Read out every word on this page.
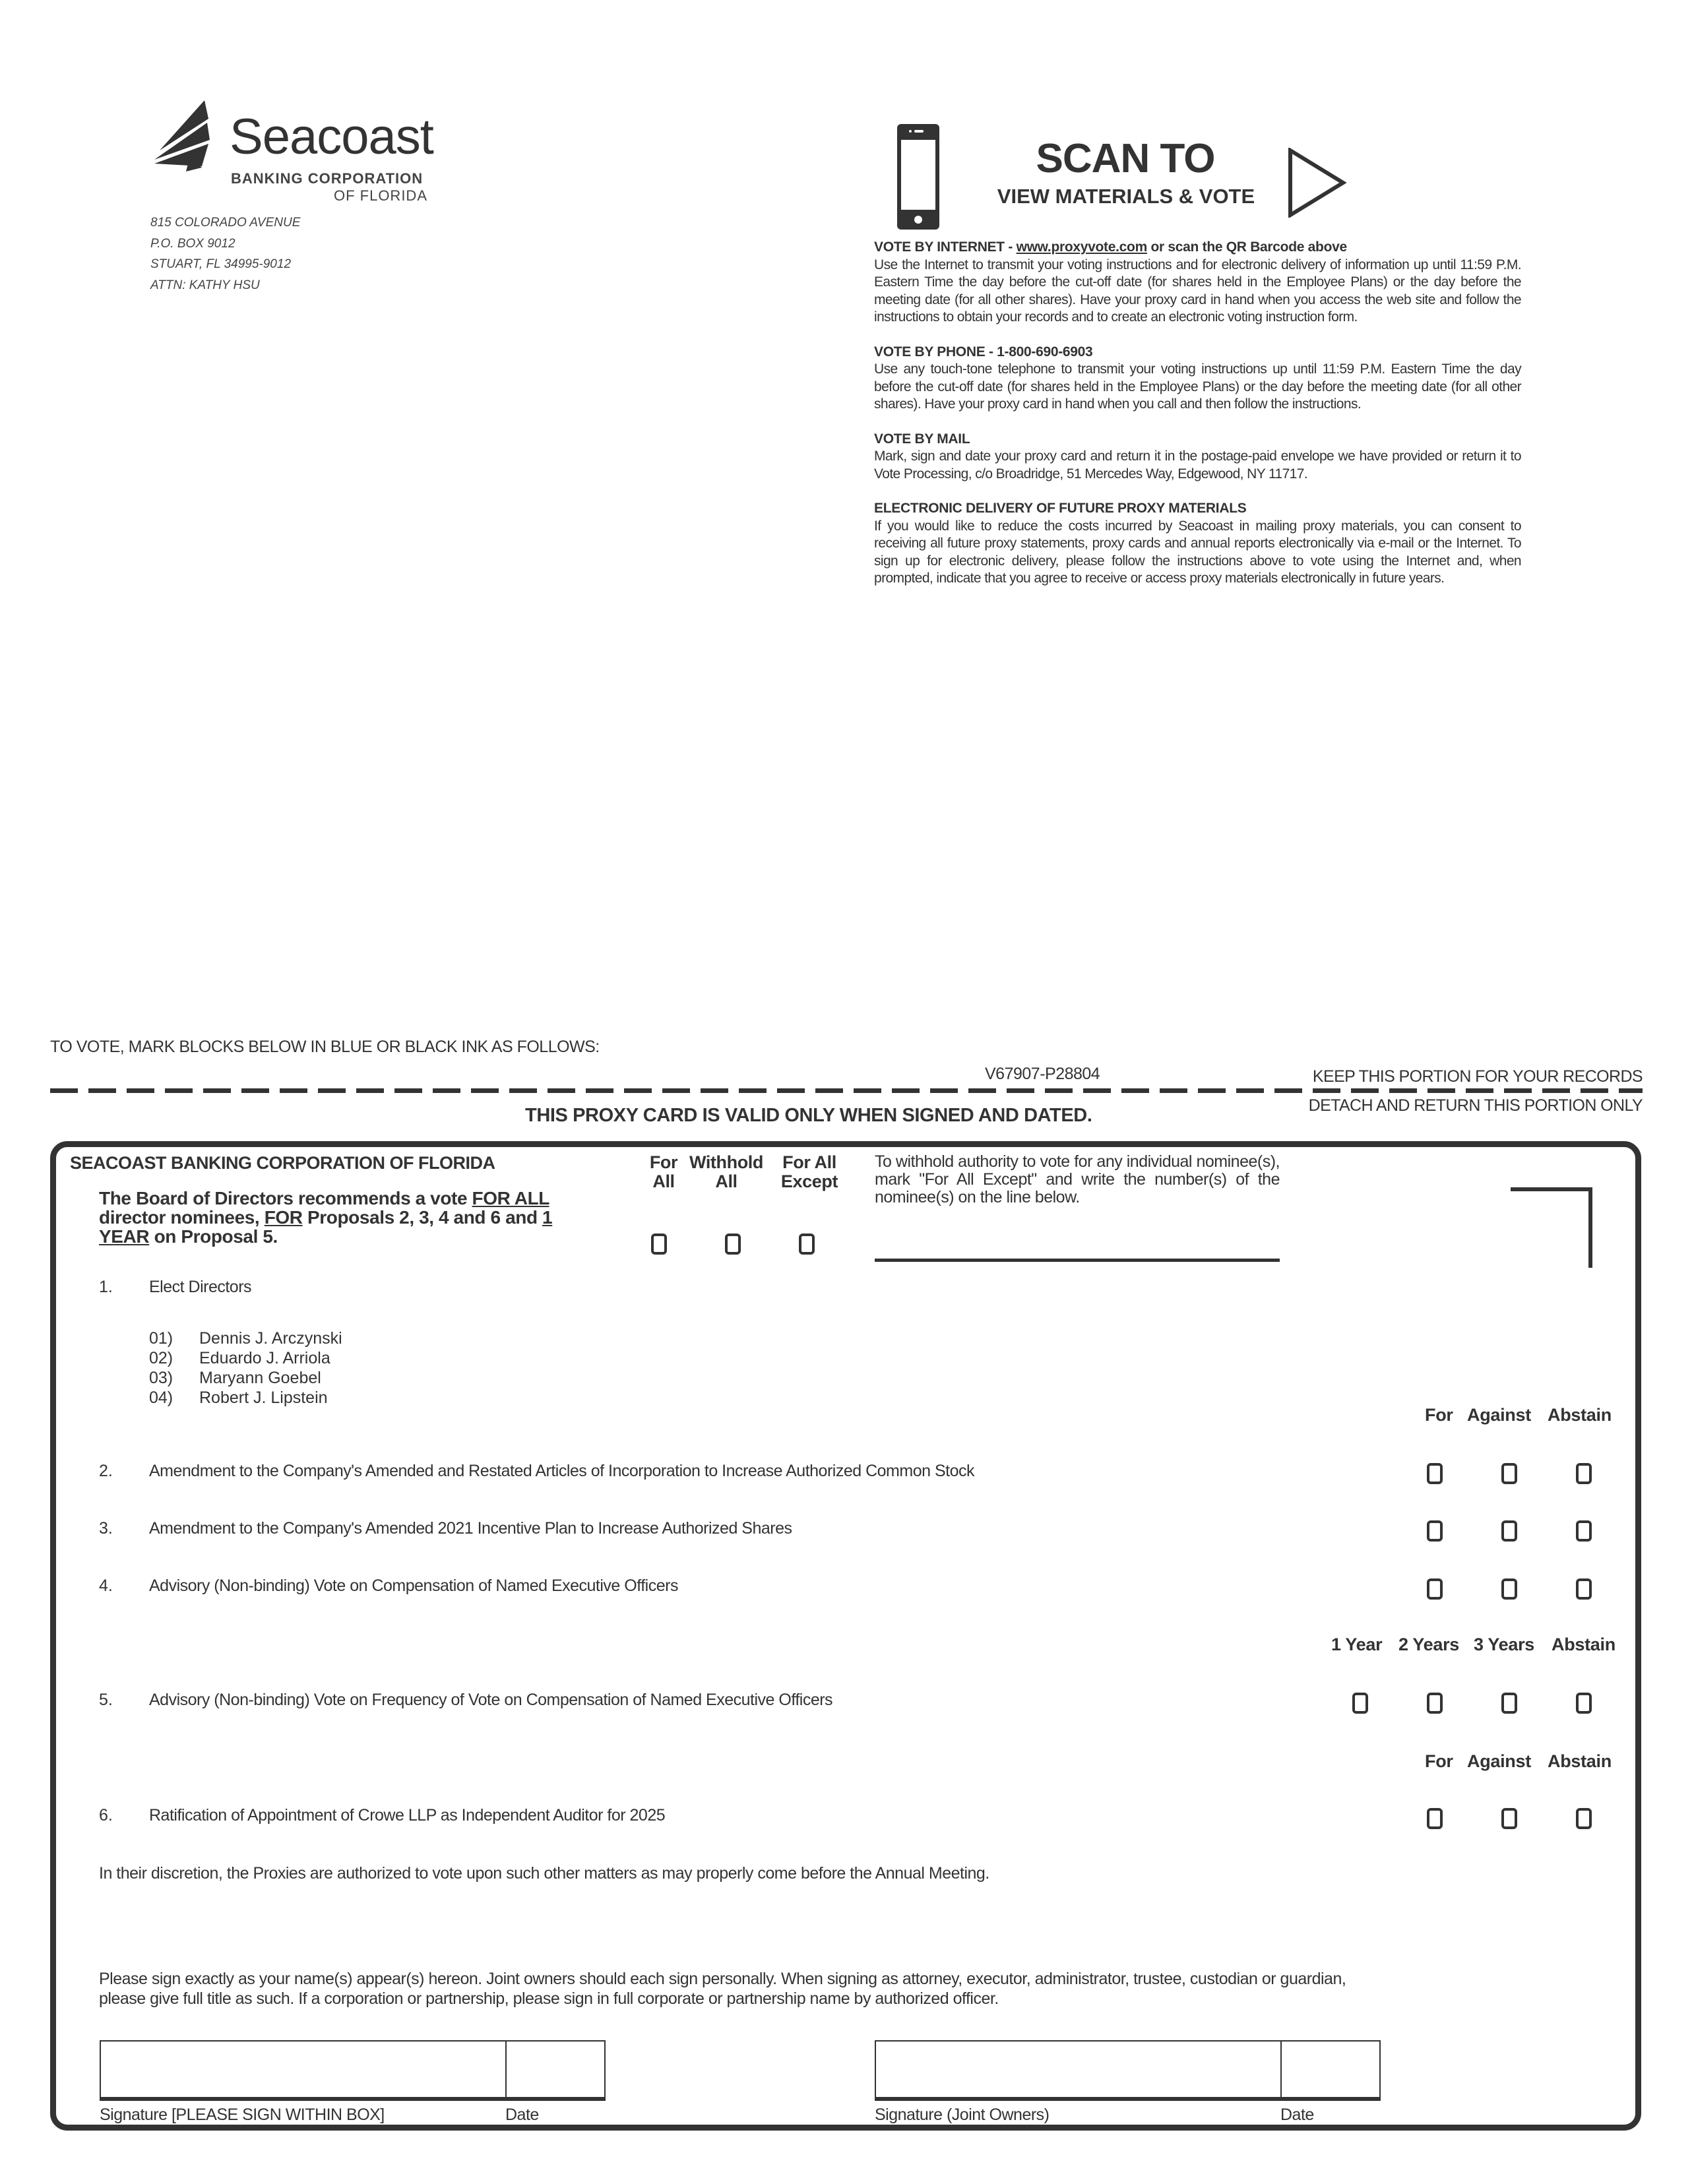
Seacoast
BANKING CORPORATION
OF FLORIDA
815 COLORADO AVENUE
P.O. BOX 9012
STUART, FL 34995-9012
ATTN: KATHY HSU
SCAN TO
VIEW MATERIALS & VOTE
VOTE BY INTERNET - www.proxyvote.com or scan the QR Barcode above
Use the Internet to transmit your voting instructions and for electronic delivery of information up until 11:59 P.M. Eastern Time the day before the cut-off date (for shares held in the Employee Plans) or the day before the meeting date (for all other shares). Have your proxy card in hand when you access the web site and follow the instructions to obtain your records and to create an electronic voting instruction form.
VOTE BY PHONE - 1-800-690-6903
Use any touch-tone telephone to transmit your voting instructions up until 11:59 P.M. Eastern Time the day before the cut-off date (for shares held in the Employee Plans) or the day before the meeting date (for all other shares). Have your proxy card in hand when you call and then follow the instructions.
VOTE BY MAIL
Mark, sign and date your proxy card and return it in the postage-paid envelope we have provided or return it to Vote Processing, c/o Broadridge, 51 Mercedes Way, Edgewood, NY 11717.
ELECTRONIC DELIVERY OF FUTURE PROXY MATERIALS
If you would like to reduce the costs incurred by Seacoast in mailing proxy materials, you can consent to receiving all future proxy statements, proxy cards and annual reports electronically via e-mail or the Internet. To sign up for electronic delivery, please follow the instructions above to vote using the Internet and, when prompted, indicate that you agree to receive or access proxy materials electronically in future years.
TO VOTE, MARK BLOCKS BELOW IN BLUE OR BLACK INK AS FOLLOWS:
V67907-P28804	KEEP THIS PORTION FOR YOUR RECORDS
THIS PROXY CARD IS VALID ONLY WHEN SIGNED AND DATED.	DETACH AND RETURN THIS PORTION ONLY
SEACOAST BANKING CORPORATION OF FLORIDA
The Board of Directors recommends a vote FOR ALL director nominees, FOR Proposals 2, 3, 4 and 6 and 1 YEAR on Proposal 5.
For
All
Withhold
All
For All
Except
To withhold authority to vote for any individual nominee(s), mark "For All Except" and write the number(s) of the nominee(s) on the line below.
1. Elect Directors
01) Dennis J. Arczynski
02) Eduardo J. Arriola
03) Maryann Goebel
04) Robert J. Lipstein
For Against Abstain
2. Amendment to the Company's Amended and Restated Articles of Incorporation to Increase Authorized Common Stock
3. Amendment to the Company's Amended 2021 Incentive Plan to Increase Authorized Shares
4. Advisory (Non-binding) Vote on Compensation of Named Executive Officers
1 Year 2 Years 3 Years Abstain
5. Advisory (Non-binding) Vote on Frequency of Vote on Compensation of Named Executive Officers
For Against Abstain
6. Ratification of Appointment of Crowe LLP as Independent Auditor for 2025
In their discretion, the Proxies are authorized to vote upon such other matters as may properly come before the Annual Meeting.
Please sign exactly as your name(s) appear(s) hereon. Joint owners should each sign personally. When signing as attorney, executor, administrator, trustee, custodian or guardian, please give full title as such. If a corporation or partnership, please sign in full corporate or partnership name by authorized officer.
Signature [PLEASE SIGN WITHIN BOX]	Date	Signature (Joint Owners)	Date
